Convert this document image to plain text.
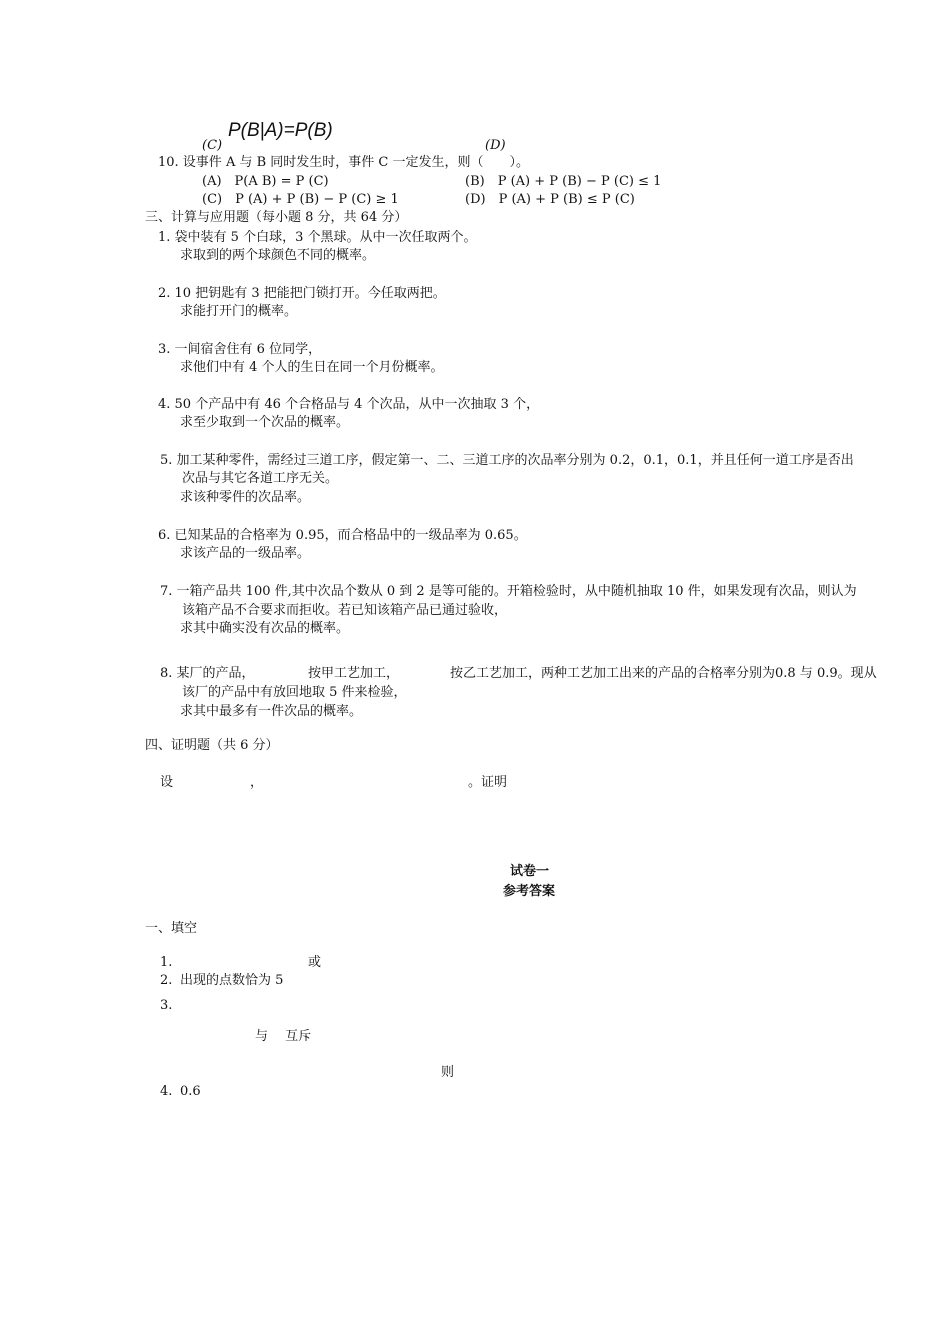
P(B|A)=P(B)
(C)	(D)
10. 设事件 A 与 B 同时发生时，事件 C 一定发生，则（　　）。
(A)　P(A B) = P (C)	(B)　P (A) + P (B) − P (C) ≤ 1
(C)　P (A) + P (B) − P (C) ≥ 1	(D)　P (A) + P (B) ≤ P (C)
三、计算与应用题（每小题 8 分，共 64 分）
1. 袋中装有 5 个白球，3 个黑球。从中一次任取两个。
求取到的两个球颜色不同的概率。
2. 10 把钥匙有 3 把能把门锁打开。今任取两把。
求能打开门的概率。
3. 一间宿舍住有 6 位同学，
求他们中有 4 个人的生日在同一个月份概率。
4. 50 个产品中有 46 个合格品与 4 个次品，从中一次抽取 3 个，
求至少取到一个次品的概率。
5. 加工某种零件，需经过三道工序，假定第一、二、三道工序的次品率分别为 0.2，0.1，0.1，并且任何一道工序是否出
次品与其它各道工序无关。
求该种零件的次品率。
6. 已知某品的合格率为 0.95，而合格品中的一级品率为 0.65。
求该产品的一级品率。
7. 一箱产品共 100 件,其中次品个数从 0 到 2 是等可能的。开箱检验时，从中随机抽取 10 件，如果发现有次品，则认为
该箱产品不合要求而拒收。若已知该箱产品已通过验收，
求其中确实没有次品的概率。
8. 某厂的产品，	按甲工艺加工，	按乙工艺加工，两种工艺加工出来的产品的合格率分别为0.8 与 0.9。现从
该厂的产品中有放回地取 5 件来检验，
求其中最多有一件次品的概率。
四、证明题（共 6 分）
设	，	。证明
试卷一
参考答案
一、填空
1.	或
2. 出现的点数恰为 5
3.
与　 互斥
则
4. 0.6
